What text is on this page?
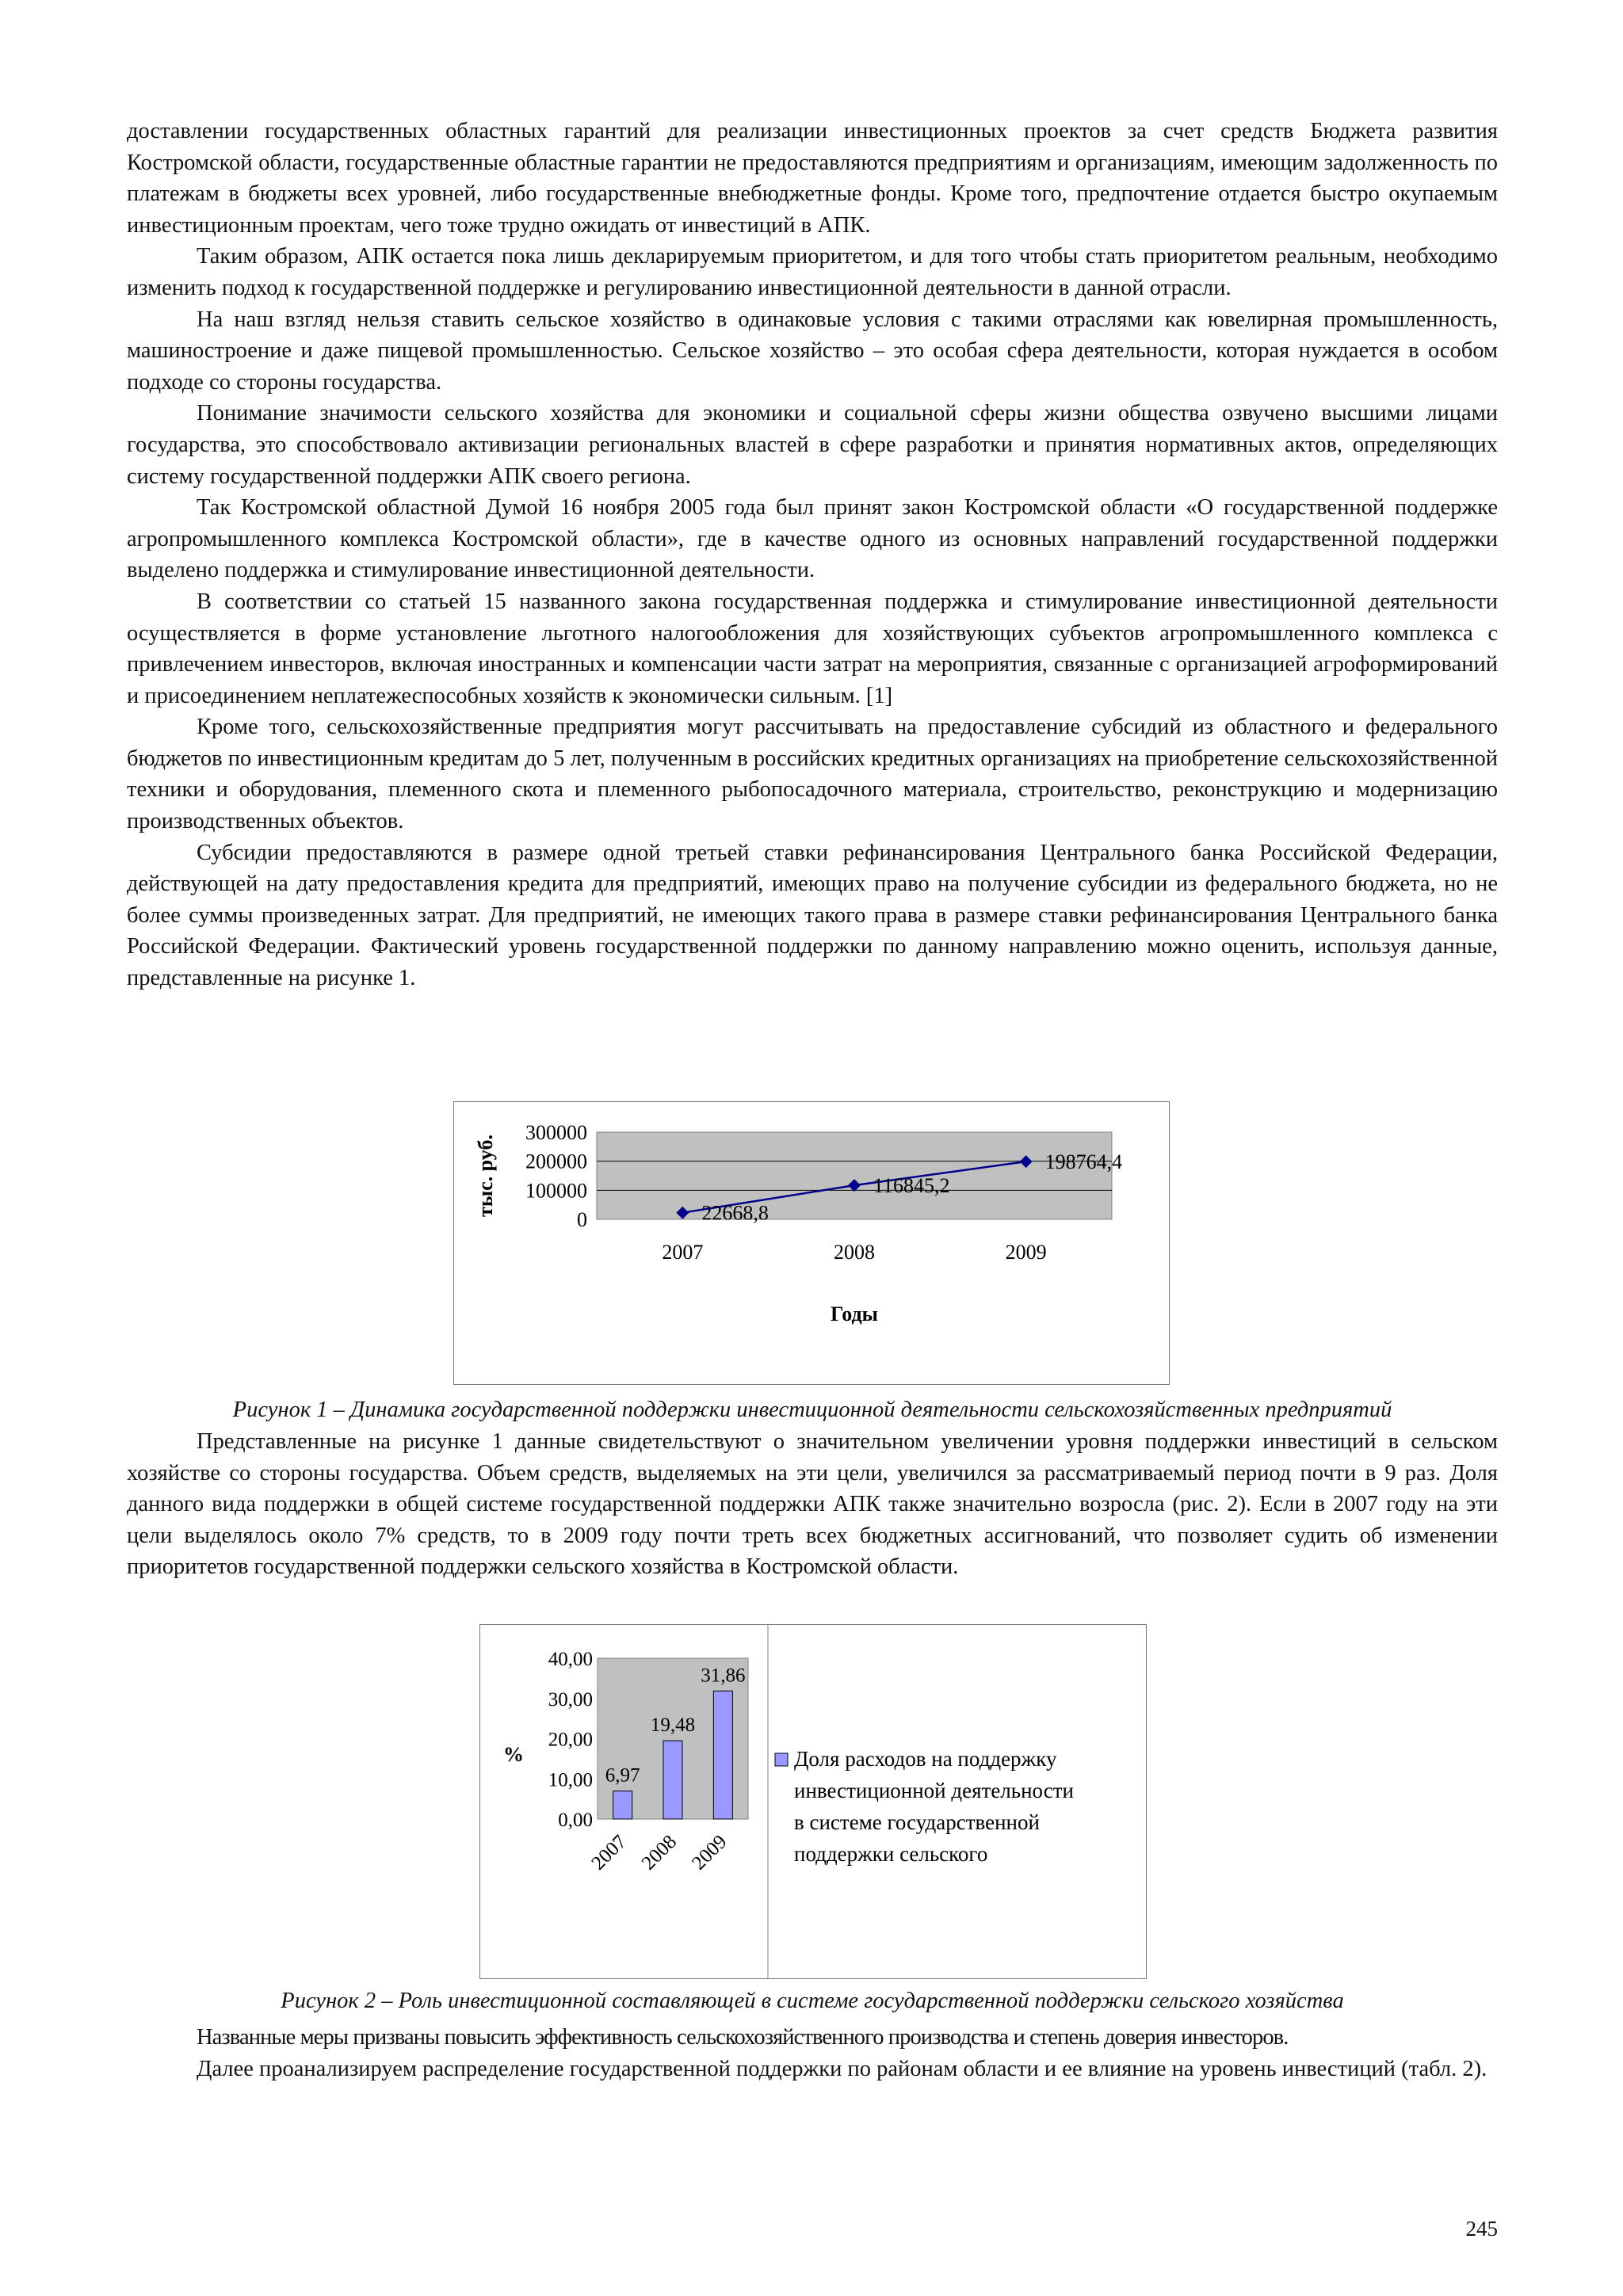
доставлении государственных областных гарантий для реализации инвестиционных проектов за счет средств Бюджета развития Костромской области, государственные областные гарантии не предоставляются предприятиям и организациям, имеющим задолженность по платежам в бюджеты всех уровней, либо государственные внебюджетные фонды. Кроме того, предпочтение отдается быстро окупаемым инвестиционным проектам, чего тоже трудно ожидать от инвестиций в АПК.

Таким образом, АПК остается пока лишь декларируемым приоритетом, и для того чтобы стать приоритетом реальным, необходимо изменить подход к государственной поддержке и регулированию инвестиционной деятельности в данной отрасли.

На наш взгляд нельзя ставить сельское хозяйство в одинаковые условия с такими отраслями как ювелирная промышленность, машиностроение и даже пищевой промышленностью. Сельское хозяйство – это особая сфера деятельности, которая нуждается в особом подходе со стороны государства.

Понимание значимости сельского хозяйства для экономики и социальной сферы жизни общества озвучено высшими лицами государства, это способствовало активизации региональных властей в сфере разработки и принятия нормативных актов, определяющих систему государственной поддержки АПК своего региона.

Так Костромской областной Думой 16 ноября 2005 года был принят закон Костромской области «О государственной поддержке агропромышленного комплекса Костромской области», где в качестве одного из основных направлений государственной поддержки выделено поддержка и стимулирование инвестиционной деятельности.

В соответствии со статьей 15 названного закона государственная поддержка и стимулирование инвестиционной деятельности осуществляется в форме установление льготного налогообложения для хозяйствующих субъектов агропромышленного комплекса с привлечением инвесторов, включая иностранных и компенсации части затрат на мероприятия, связанные с организацией агроформирований и присоединением неплатежеспособных хозяйств к экономически сильным. [1]

Кроме того, сельскохозяйственные предприятия могут рассчитывать на предоставление субсидий из областного и федерального бюджетов по инвестиционным кредитам до 5 лет, полученным в российских кредитных организациях на приобретение сельскохозяйственной техники и оборудования, племенного скота и племенного рыбопосадочного материала, строительство, реконструкцию и модернизацию производственных объектов.

Субсидии предоставляются в размере одной третьей ставки рефинансирования Центрального банка Российской Федерации, действующей на дату предоставления кредита для предприятий, имеющих право на получение субсидии из федерального бюджета, но не более суммы произведенных затрат. Для предприятий, не имеющих такого права в размере ставки рефинансирования Центрального банка Российской Федерации. Фактический уровень государственной поддержки по данному направлению можно оценить, используя данные, представленные на рисунке 1.

0
100000
200000
300000
2007	2008	2009
22668,8
116845,2
198764,4
тыс. руб.
Годы
Рисунок 1 – Динамика государственной поддержки инвестиционной деятельности сельскохозяйственных предприятий

Представленные на рисунке 1 данные свидетельствуют о значительном увеличении уровня поддержки инвестиций в сельском хозяйстве со стороны государства. Объем средств, выделяемых на эти цели, увеличился за рассматриваемый период почти в 9 раз. Доля данного вида поддержки в общей системе государственной поддержки АПК также значительно возросла (рис. 2). Если в 2007 году на эти цели выделялось около 7% средств, то в 2009 году почти треть всех бюджетных ассигнований, что позволяет судить об изменении приоритетов государственной поддержки сельского хозяйства в Костромской области.

0,00
10,00
20,00
30,00
40,00
6,97
2007
19,48
2008
31,86
2009
%	Доля расходов на поддержку
инвестиционной деятельности
в системе государственной
поддержки сельского
Рисунок 2 – Роль инвестиционной составляющей в системе государственной поддержки сельского хозяйства

Названные меры призваны повысить эффективность сельскохозяйственного производства и степень доверия инвесторов.

Далее проанализируем распределение государственной поддержки по районам области и ее влияние на уровень инвестиций (табл. 2).

245
